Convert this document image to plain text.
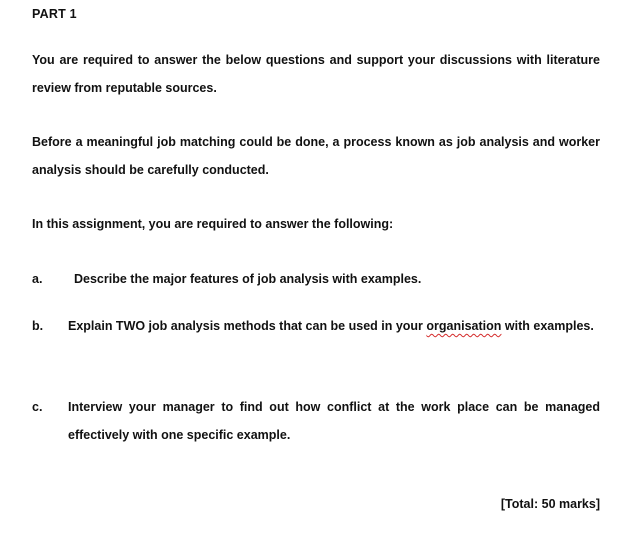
PART 1
You are required to answer the below questions and support your discussions with literature review from reputable sources.
Before a meaningful job matching could be done, a process known as job analysis and worker analysis should be carefully conducted.
In this assignment, you are required to answer the following:
a.	Describe the major features of job analysis with examples.
b. Explain TWO job analysis methods that can be used in your organisation with examples.
c. Interview your manager to find out how conflict at the work place can be managed effectively with one specific example.
[Total: 50 marks]
